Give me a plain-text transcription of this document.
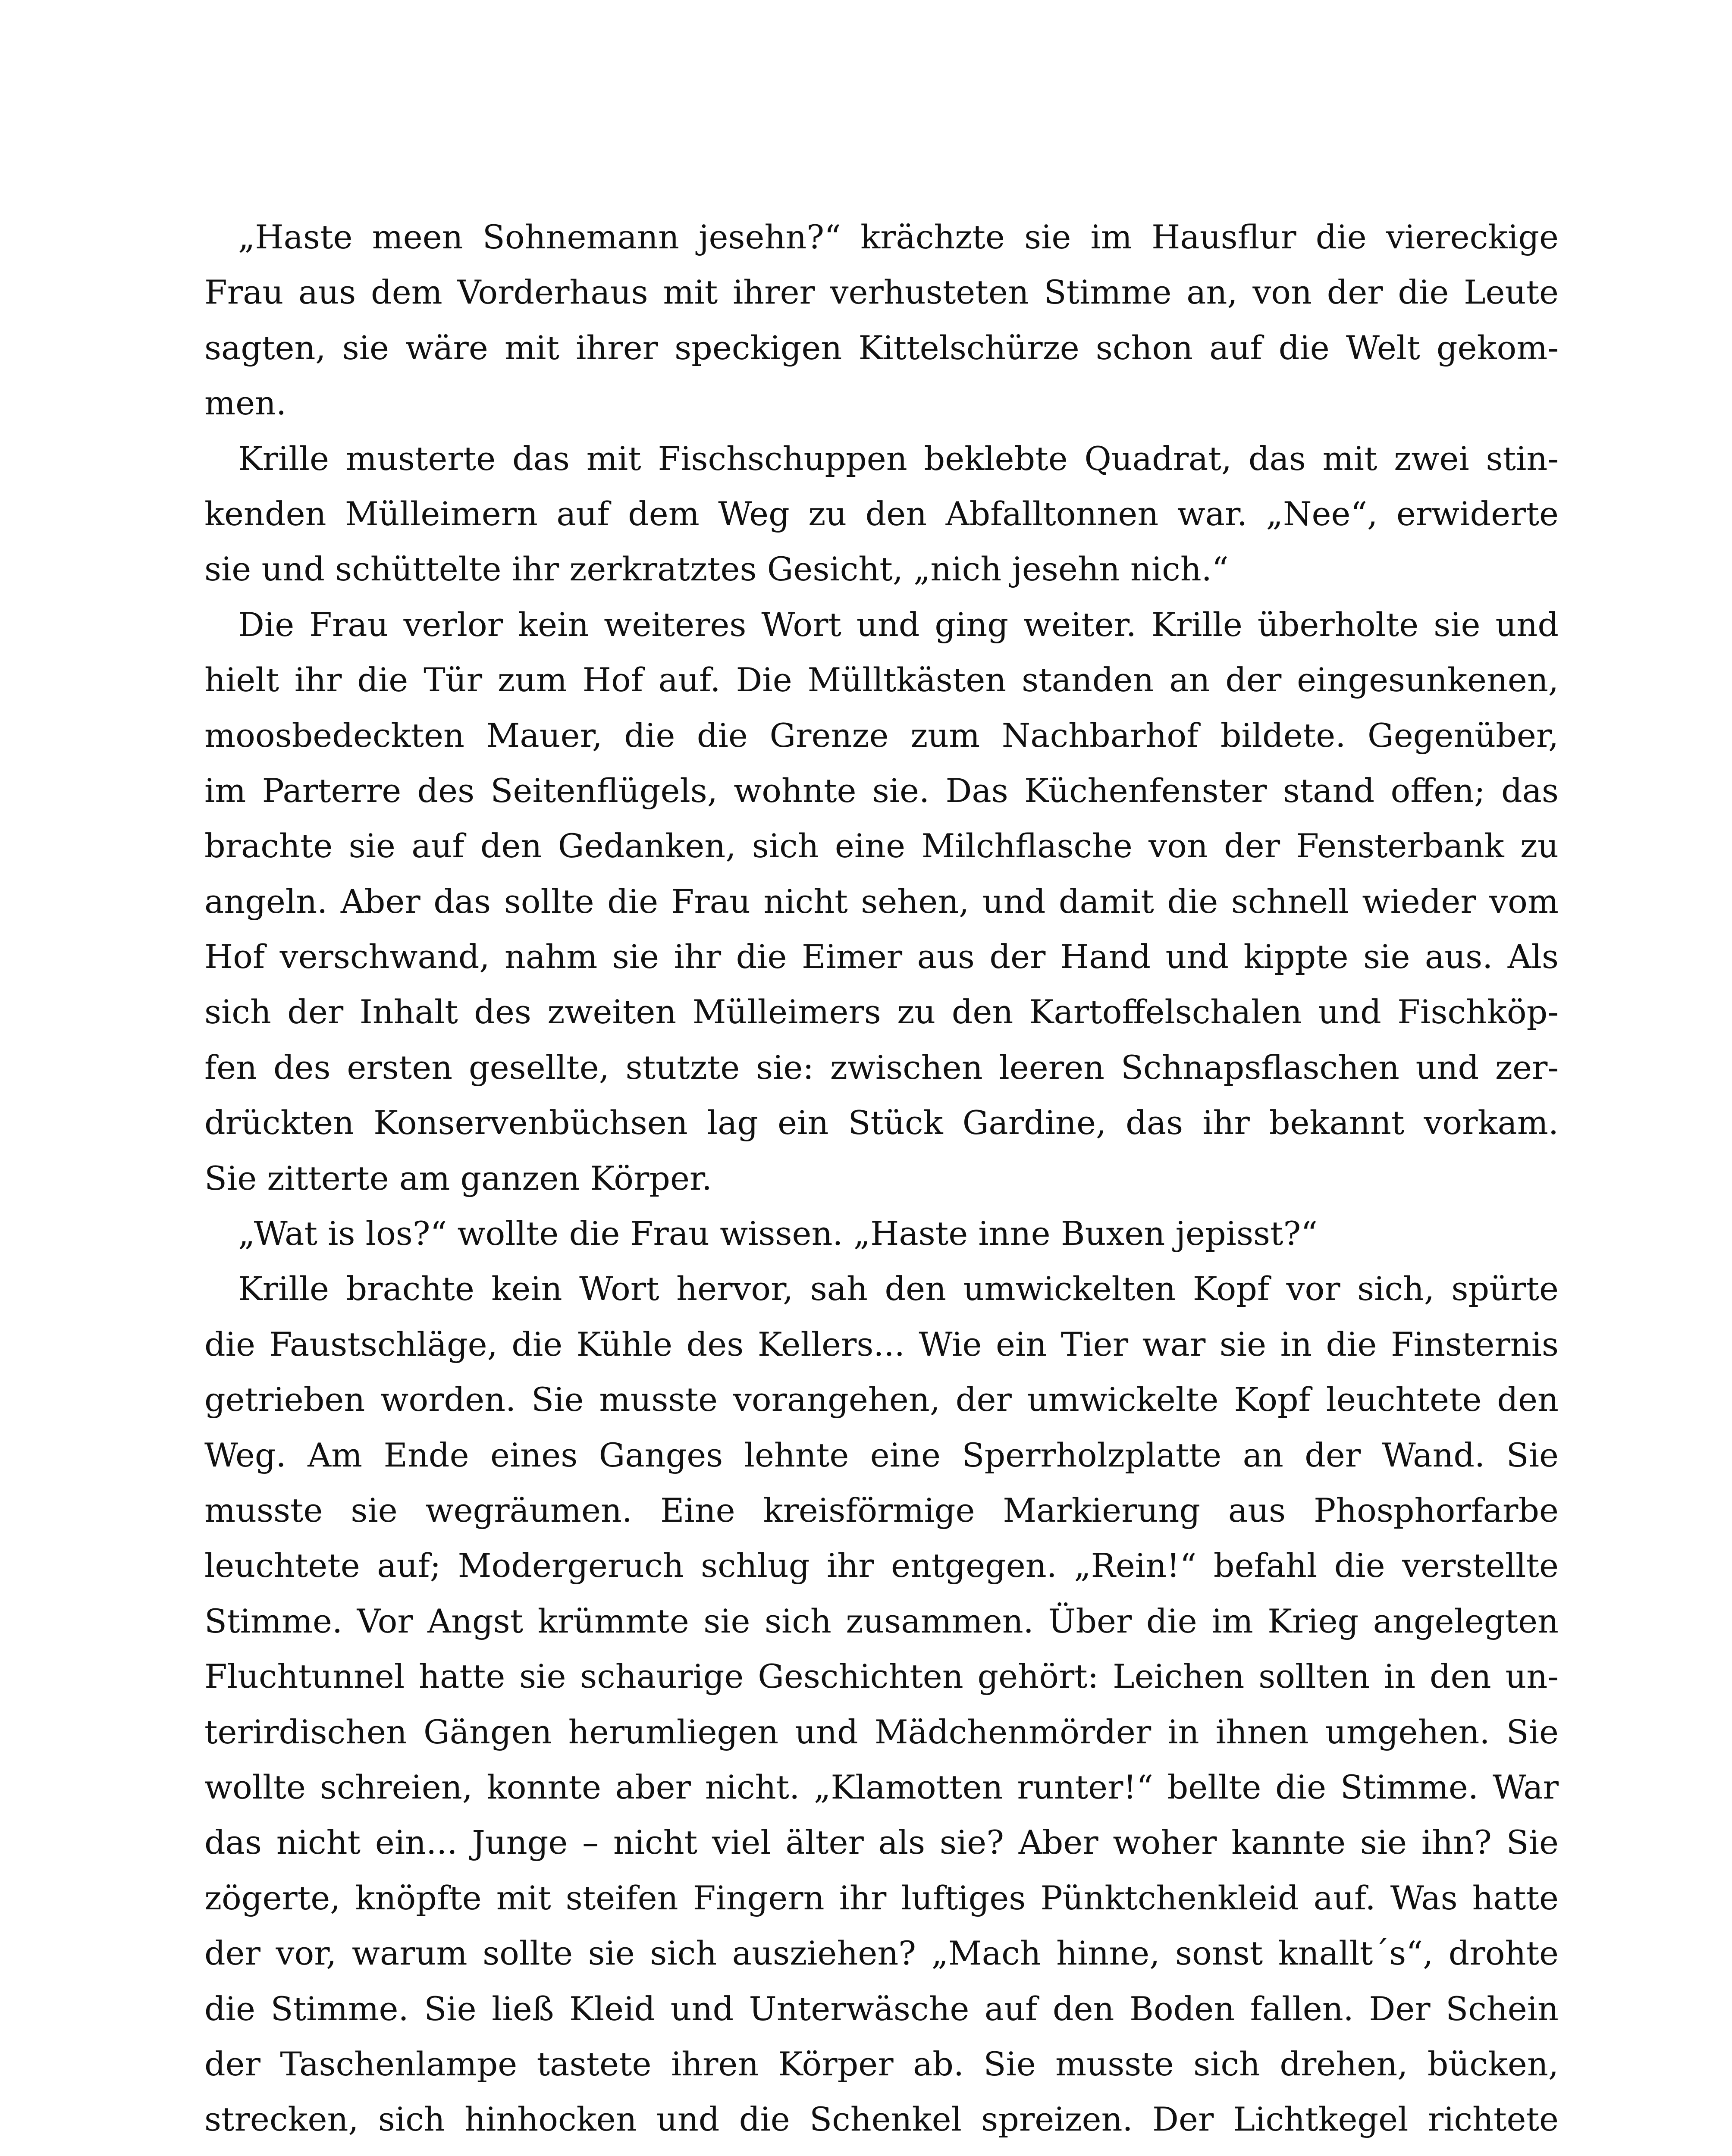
„Haste meen Sohnemann jesehn?“ krächzte sie im Hausflur die viereckige
Frau aus dem Vorderhaus mit ihrer verhusteten Stimme an, von der die Leute
sagten, sie wäre mit ihrer speckigen Kittelschürze schon auf die Welt gekom-
men.
Krille musterte das mit Fischschuppen beklebte Quadrat, das mit zwei stin-
kenden Mülleimern auf dem Weg zu den Abfalltonnen war. „Nee“, erwiderte
sie und schüttelte ihr zerkratztes Gesicht, „nich jesehn nich.“
Die Frau verlor kein weiteres Wort und ging weiter. Krille überholte sie und
hielt ihr die Tür zum Hof auf. Die Mülltkästen standen an der eingesunkenen,
moosbedeckten Mauer, die die Grenze zum Nachbarhof bildete. Gegenüber,
im Parterre des Seitenflügels, wohnte sie. Das Küchenfenster stand offen; das
brachte sie auf den Gedanken, sich eine Milchflasche von der Fensterbank zu
angeln. Aber das sollte die Frau nicht sehen, und damit die schnell wieder vom
Hof verschwand, nahm sie ihr die Eimer aus der Hand und kippte sie aus. Als
sich der Inhalt des zweiten Mülleimers zu den Kartoffelschalen und Fischköp-
fen des ersten gesellte, stutzte sie: zwischen leeren Schnapsflaschen und zer-
drückten Konservenbüchsen lag ein Stück Gardine, das ihr bekannt vorkam.
Sie zitterte am ganzen Körper.
„Wat is los?“ wollte die Frau wissen. „Haste inne Buxen jepisst?“
Krille brachte kein Wort hervor, sah den umwickelten Kopf vor sich, spürte
die Faustschläge, die Kühle des Kellers... Wie ein Tier war sie in die Finsternis
getrieben worden. Sie musste vorangehen, der umwickelte Kopf leuchtete den
Weg. Am Ende eines Ganges lehnte eine Sperrholzplatte an der Wand. Sie
musste sie wegräumen. Eine kreisförmige Markierung aus Phosphorfarbe
leuchtete auf; Modergeruch schlug ihr entgegen. „Rein!“ befahl die verstellte
Stimme. Vor Angst krümmte sie sich zusammen. Über die im Krieg angelegten
Fluchtunnel hatte sie schaurige Geschichten gehört: Leichen sollten in den un-
terirdischen Gängen herumliegen und Mädchenmörder in ihnen umgehen. Sie
wollte schreien, konnte aber nicht. „Klamotten runter!“ bellte die Stimme. War
das nicht ein... Junge – nicht viel älter als sie? Aber woher kannte sie ihn? Sie
zögerte, knöpfte mit steifen Fingern ihr luftiges Pünktchenkleid auf. Was hatte
der vor, warum sollte sie sich ausziehen? „Mach hinne, sonst knallt´s“, drohte
die Stimme. Sie ließ Kleid und Unterwäsche auf den Boden fallen. Der Schein
der Taschenlampe tastete ihren Körper ab. Sie musste sich drehen, bücken,
strecken, sich hinhocken und die Schenkel spreizen. Der Lichtkegel richtete
